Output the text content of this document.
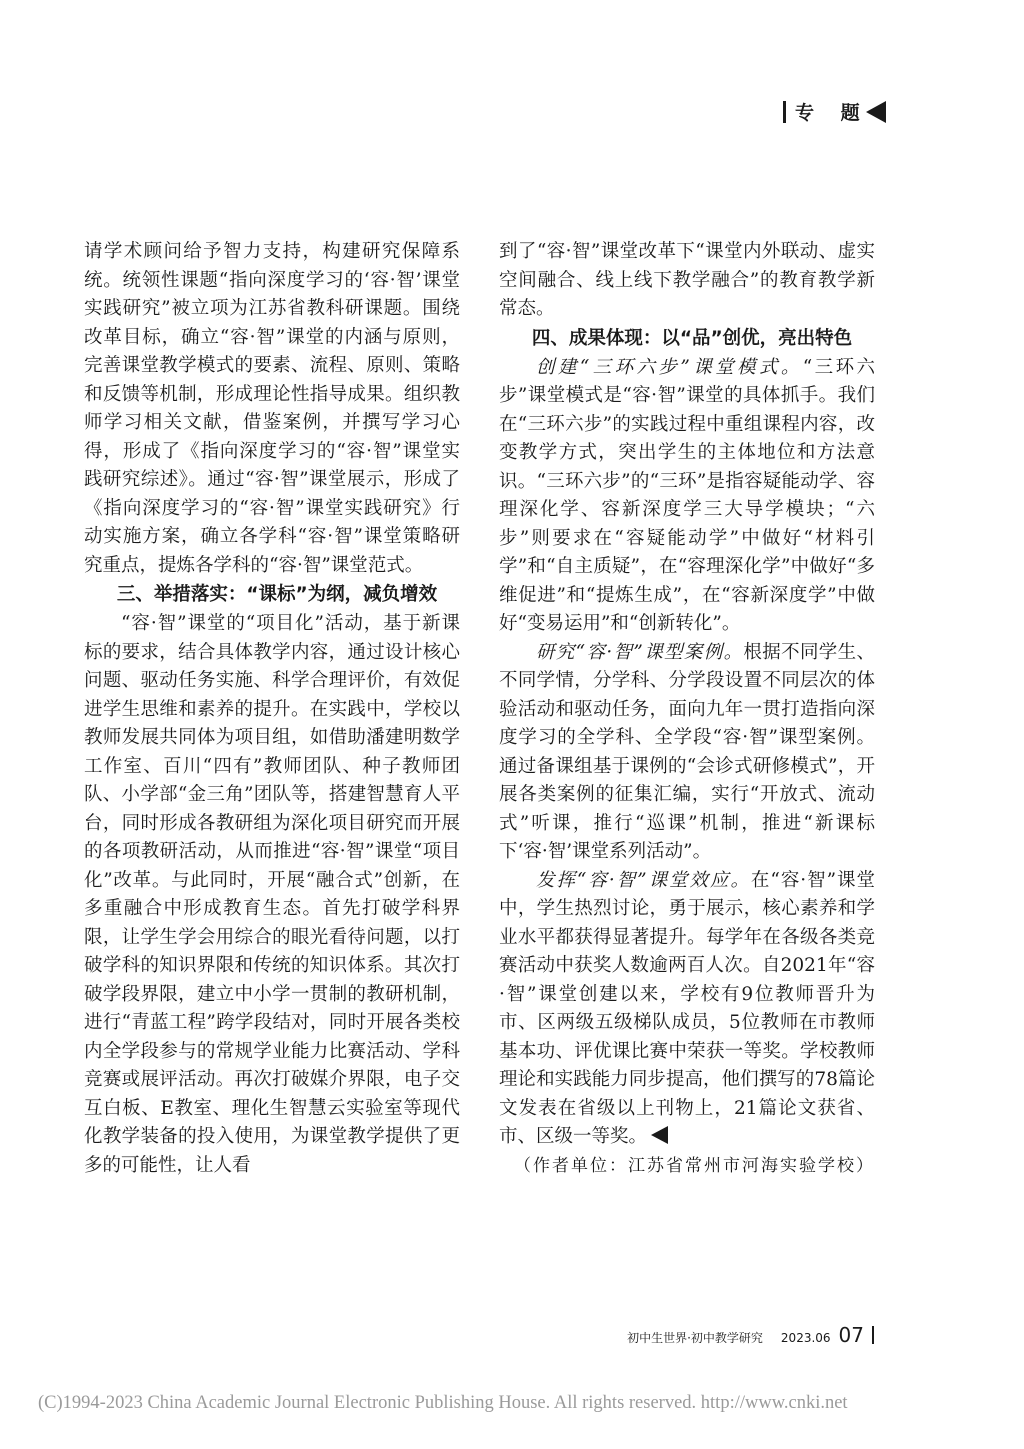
专 题

请学术顾问给予智力支持，构建研究保障系统。统领性课题“指向深度学习的‘容·智’课堂实践研究”被立项为江苏省教科研课题。围绕改革目标，确立“容·智”课堂的内涵与原则，完善课堂教学模式的要素、流程、原则、策略和反馈等机制，形成理论性指导成果。组织教师学习相关文献，借鉴案例，并撰写学习心得，形成了《指向深度学习的“容·智”课堂实践研究综述》。通过“容·智”课堂展示，形成了《指向深度学习的“容·智”课堂实践研究》行动实施方案，确立各学科“容·智”课堂策略研究重点，提炼各学科的“容·智”课堂范式。

三、举措落实：“课标”为纲，减负增效

“容·智”课堂的“项目化”活动，基于新课标的要求，结合具体教学内容，通过设计核心问题、驱动任务实施、科学合理评价，有效促进学生思维和素养的提升。在实践中，学校以教师发展共同体为项目组，如借助潘建明数学工作室、百川“四有”教师团队、种子教师团队、小学部“金三角”团队等，搭建智慧育人平台，同时形成各教研组为深化项目研究而开展的各项教研活动，从而推进“容·智”课堂“项目化”改革。与此同时，开展“融合式”创新，在多重融合中形成教育生态。首先打破学科界限，让学生学会用综合的眼光看待问题，以打破学科的知识界限和传统的知识体系。其次打破学段界限，建立中小学一贯制的教研机制，进行“青蓝工程”跨学段结对，同时开展各类校内全学段参与的常规学业能力比赛活动、学科竞赛或展评活动。再次打破媒介界限，电子交互白板、E教室、理化生智慧云实验室等现代化教学装备的投入使用，为课堂教学提供了更多的可能性，让人看

到了“容·智”课堂改革下“课堂内外联动、虚实空间融合、线上线下教学融合”的教育教学新常态。

四、成果体现：以“品”创优，亮出特色

创建“三环六步”课堂模式。“三环六步”课堂模式是“容·智”课堂的具体抓手。我们在“三环六步”的实践过程中重组课程内容，改变教学方式，突出学生的主体地位和方法意识。“三环六步”的“三环”是指容疑能动学、容理深化学、容新深度学三大导学模块；“六步”则要求在“容疑能动学”中做好“材料引学”和“自主质疑”，在“容理深化学”中做好“多维促进”和“提炼生成”，在“容新深度学”中做好“变易运用”和“创新转化”。

研究“容·智”课型案例。根据不同学生、不同学情，分学科、分学段设置不同层次的体验活动和驱动任务，面向九年一贯打造指向深度学习的全学科、全学段“容·智”课型案例。通过备课组基于课例的“会诊式研修模式”，开展各类案例的征集汇编，实行“开放式、流动式”听课，推行“巡课”机制，推进“新课标下‘容·智’课堂系列活动”。

发挥“容·智”课堂效应。在“容·智”课堂中，学生热烈讨论，勇于展示，核心素养和学业水平都获得显著提升。每学年在各级各类竞赛活动中获奖人数逾两百人次。自2021年“容·智”课堂创建以来，学校有9位教师晋升为市、区两级五级梯队成员，5位教师在市教师基本功、评优课比赛中荣获一等奖。学校教师理论和实践能力同步提高，他们撰写的78篇论文发表在省级以上刊物上，21篇论文获省、市、区级一等奖。

（作者单位：江苏省常州市河海实验学校）

初中生世界·初中教学研究 2023.06 07
(C)1994-2023 China Academic Journal Electronic Publishing House. All rights reserved. http://www.cnki.net
